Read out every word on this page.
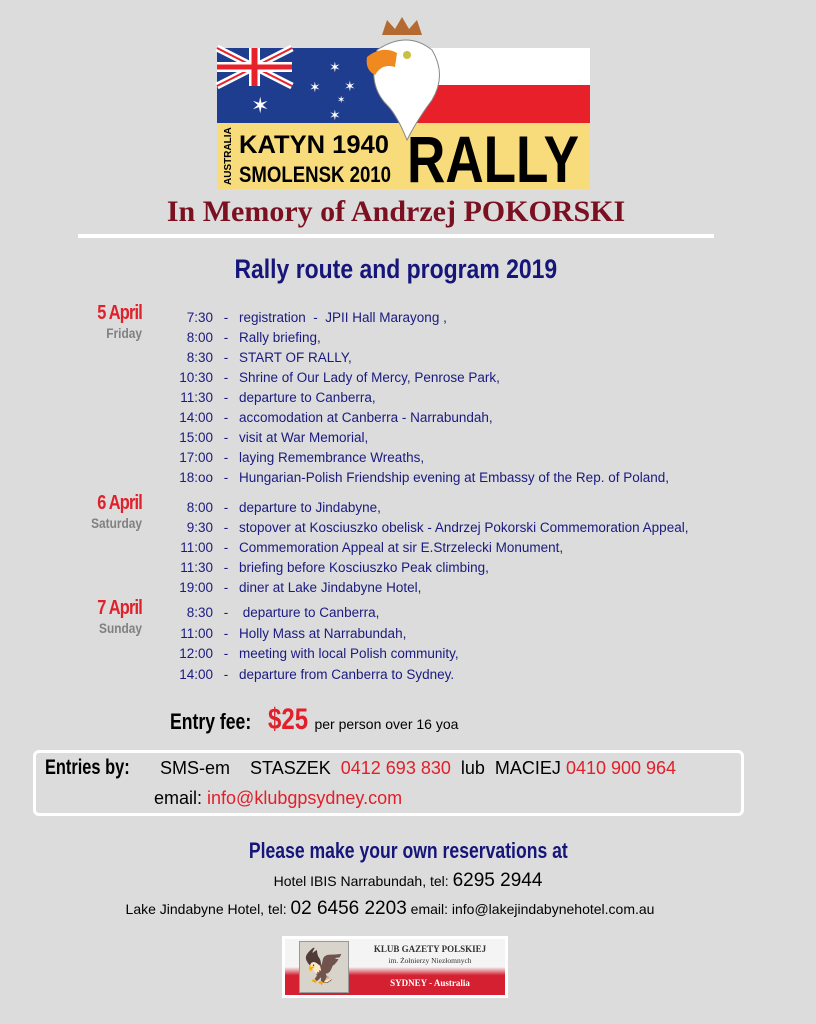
✶
✶
✶ ✶
✶
✶
AUSTRALIA KATYN 1940
SMOLENSK 2010 RALLY
In Memory of Andrzej POKORSKI
Rally route and program 2019
5 April
Friday
7:30 - registration  -  JPII Hall Marayong ,
8:00 - Rally briefing,
8:30 - START OF RALLY,
10:30 - Shrine of Our Lady of Mercy, Penrose Park,
11:30 - departure to Canberra,
14:00 - accomodation at Canberra - Narrabundah,
15:00 - visit at War Memorial,
17:00 - laying Remembrance Wreaths,
18:oo - Hungarian-Polish Friendship evening at Embassy of the Rep. of Poland,
6 April
Saturday
8:00 - departure to Jindabyne,
9:30 - stopover at Kosciuszko obelisk - Andrzej Pokorski Commemoration Appeal,
11:00 - Commemoration Appeal at sir E.Strzelecki Monument,
11:30 - briefing before Kosciuszko Peak climbing,
19:00 - diner at Lake Jindabyne Hotel,
7 April
Sunday
8:30 - departure to Canberra,
11:00 - Holly Mass at Narrabundah,
12:00 - meeting with local Polish community,
14:00 - departure from Canberra to Sydney.
Entry fee: $25 per person over 16 yoa
Entries by: SMS-em STASZEK 0412 693 830 lub MACIEJ 0410 900 964
email: info@klubgpsydney.com
Please make your own reservations at
Hotel IBIS Narrabundah, tel: 6295 2944
Lake Jindabyne Hotel, tel: 02 6456 2203 email: info@lakejindabynehotel.com.au
🦅	KLUB GAZETY POLSKIEJ
im. Żołnierzy Niezłomnych
SYDNEY - Australia
